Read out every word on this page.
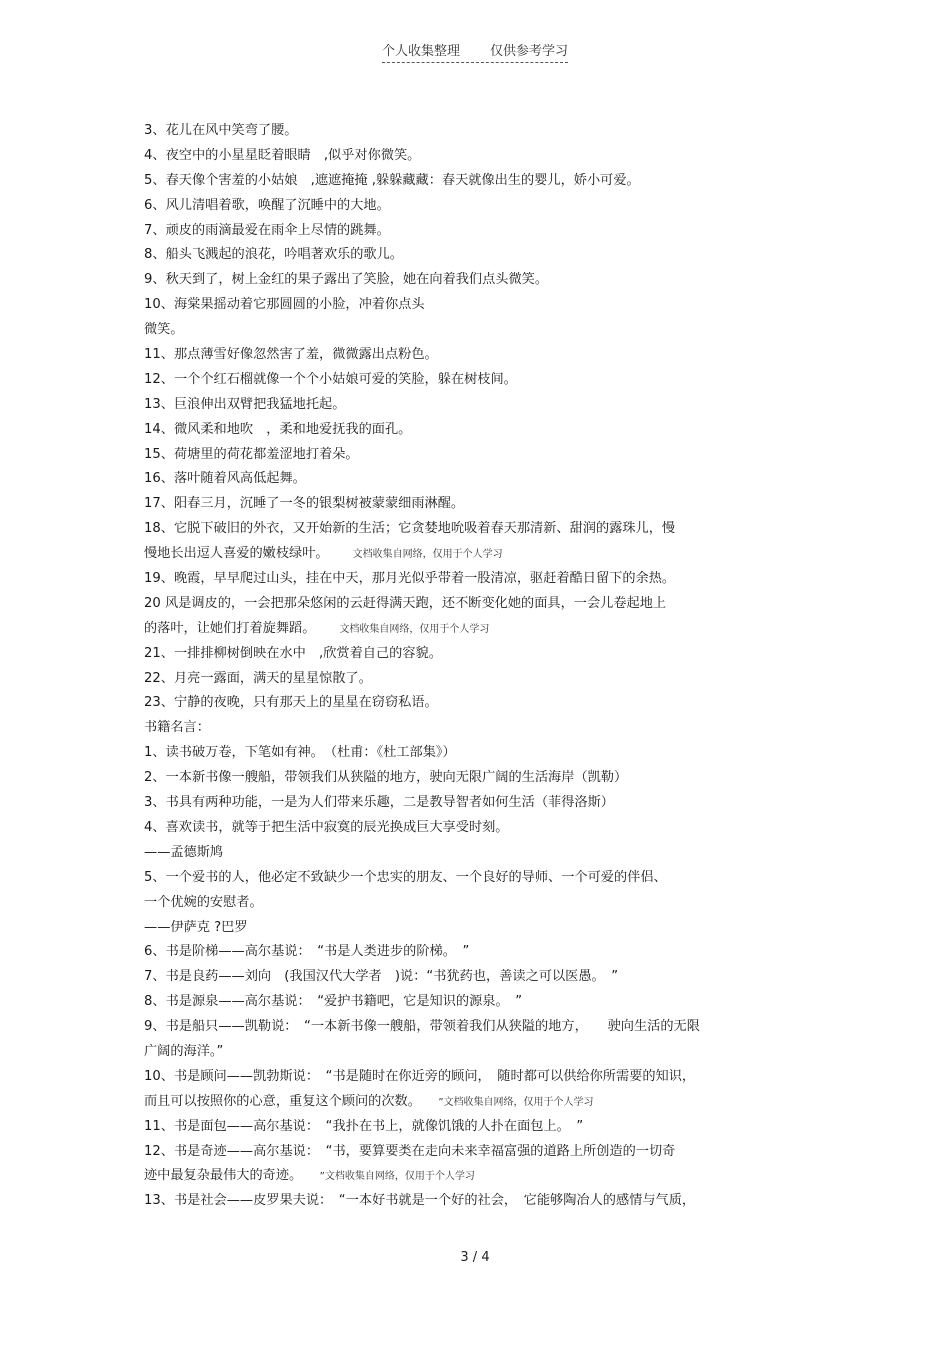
个人收集整理 仅供参考学习
3、花儿在风中笑弯了腰。
4、夜空中的小星星眨着眼睛　,似乎对你微笑。
5、春天像个害羞的小姑娘　,遮遮掩掩 ,躲躲藏藏：春天就像出生的婴儿，娇小可爱。
6、风儿清唱着歌，唤醒了沉睡中的大地。
7、顽皮的雨滴最爱在雨伞上尽情的跳舞。
8、船头飞溅起的浪花，吟唱著欢乐的歌儿。
9、秋天到了，树上金红的果子露出了笑脸，她在向着我们点头微笑。
10、海棠果摇动着它那圆圆的小脸，冲着你点头
微笑。
11、那点薄雪好像忽然害了羞，微微露出点粉色。
12、一个个红石榴就像一个个小姑娘可爱的笑脸，躲在树枝间。
13、巨浪伸出双臂把我猛地托起。
14、微风柔和地吹　，柔和地爱抚我的面孔。
15、荷塘里的荷花都羞涩地打着朵。
16、落叶随着风高低起舞。
17、阳春三月，沉睡了一冬的银梨树被蒙蒙细雨淋醒。
18、它脱下破旧的外衣，又开始新的生活；它贪婪地吮吸着春天那清新、甜润的露珠儿，慢
慢地长出逗人喜爱的嫩枝绿叶。 文档收集自网络，仅用于个人学习
19、晚霞，早早爬过山头，挂在中天，那月光似乎带着一股清凉，驱赶着酷日留下的余热。
20 风是调皮的，一会把那朵悠闲的云赶得满天跑，还不断变化她的面具，一会儿卷起地上
的落叶，让她们打着旋舞蹈。 文档收集自网络，仅用于个人学习
21、一排排柳树倒映在水中　,欣赏着自己的容貌。
22、月亮一露面，满天的星星惊散了。
23、宁静的夜晚，只有那天上的星星在窃窃私语。
书籍名言：
1、读书破万卷，下笔如有神。　（杜甫：《杜工部集》）
2、一本新书像一艘船，带领我们从狭隘的地方，驶向无限广阔的生活海岸（凯勒）
3、书具有两种功能，一是为人们带来乐趣，二是教导智者如何生活（菲得洛斯）
4、喜欢读书，就等于把生活中寂寞的辰光换成巨大享受时刻。
——孟德斯鸠
5、一个爱书的人，他必定不致缺少一个忠实的朋友、一个良好的导师、一个可爱的伴侣、
一个优婉的安慰者。
——伊萨克 ?巴罗
6、书是阶梯——高尔基说：　“书是人类进步的阶梯。　”
7、书是良药——刘向　(我国汉代大学者　)说：“书犹药也，善读之可以医愚。　”
8、书是源泉——高尔基说：　“爱护书籍吧，它是知识的源泉。　”
9、书是船只——凯勒说：　“一本新书像一艘船，带领着我们从狭隘的地方，　　驶向生活的无限
广阔的海洋。”
10、书是顾问——凯勃斯说：　“书是随时在你近旁的顾问，　随时都可以供给你所需要的知识，
而且可以按照你的心意，重复这个顾问的次数。 ”文档收集自网络，仅用于个人学习
11、书是面包——高尔基说：　“我扑在书上，就像饥饿的人扑在面包上。　”
12、书是奇迹——高尔基说：　“书，要算要类在走向未来幸福富强的道路上所创造的一切奇
迹中最复杂最伟大的奇迹。 ”文档收集自网络，仅用于个人学习
13、书是社会——皮罗果夫说：　“一本好书就是一个好的社会，　它能够陶冶人的感情与气质，
3 / 4
